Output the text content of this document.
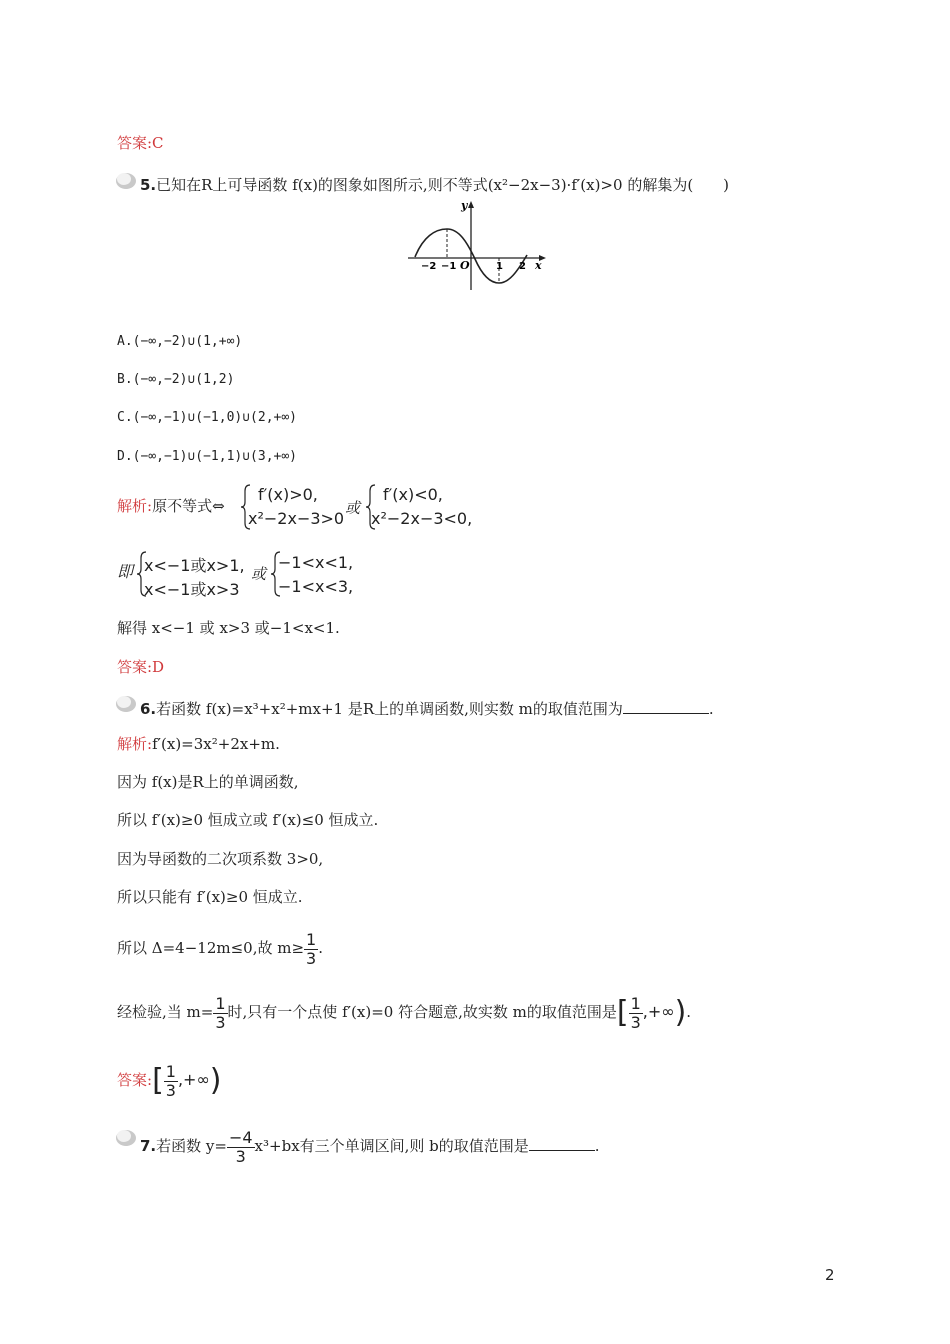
答案:C
5.已知在R上可导函数 f(x)的图象如图所示,则不等式(x²−2x−3)·f′(x)>0 的解集为(　　)
y
x
O
−2 −1	1 2
A.(−∞,−2)∪(1,+∞)
B.(−∞,−2)∪(1,2)
C.(−∞,−1)∪(−1,0)∪(2,+∞)
D.(−∞,−1)∪(−1,1)∪(3,+∞)
解析:原不等式⇔
f′(x)>0,
x²−2x−3>0
或
f′(x)<0,
x²−2x−3<0,
即 x<−1或x>1,
x<−1或x>3
或
−1<x<1,
−1<x<3,
解得 x<−1 或 x>3 或−1<x<1.
答案:D
6.若函数 f(x)=x³+x²+mx+1 是R上的单调函数,则实数 m的取值范围为	.
解析:f′(x)=3x²+2x+m.
因为 f(x)是R上的单调函数,
所以 f′(x)≥0 恒成立或 f′(x)≤0 恒成立.
因为导函数的二次项系数 3>0,
所以只能有 f′(x)≥0 恒成立.
所以 Δ=4−12m≤0,故 $m\ge \frac{1}{3}$ .
经检验,当 $m= \frac{1}{3}$ 时,只有一个点使 f′(x)=0 符合题意,故实数 m的取值范围是[ $\frac{1}{3}$ ,+∞).
答案:[ $\frac{1}{3}$ ,+∞)
7.若函数 $y= \frac{-4}{3} x^3+bx$有三个单调区间,则 b的取值范围是	.
2
